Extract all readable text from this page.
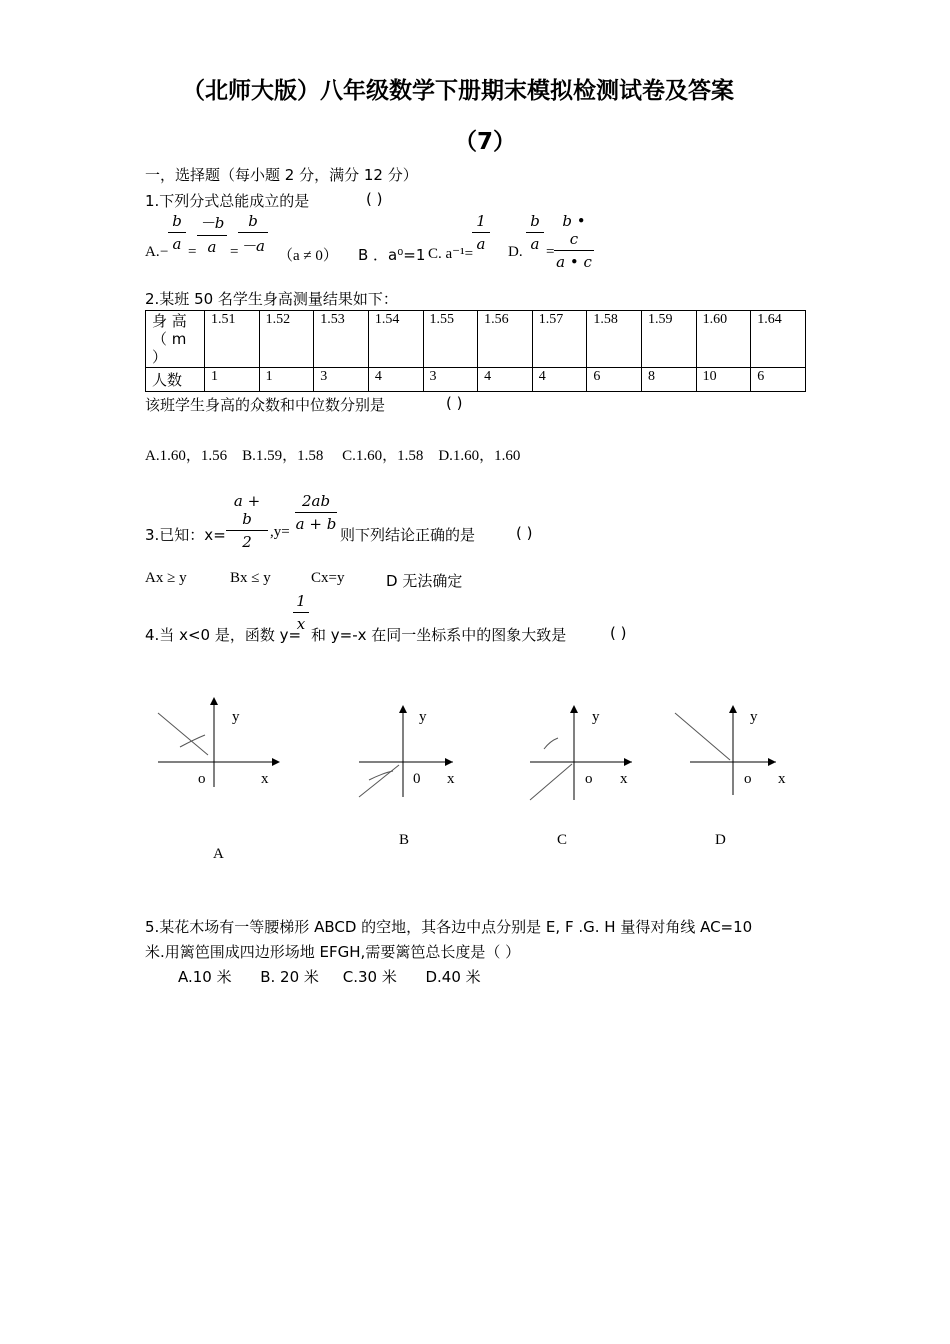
（北师大版）八年级数学下册期末模拟检测试卷及答案
（7）
一，选择题（每小题 2 分，满分 12 分）
1.下列分式总能成立的是	( )
A. − $\frac{b}{a} = \frac{-b}{a} \frac{b}{-a}$
=	（a ≠ 0） B ．a⁰=1 C. a⁻¹=
$\frac{1}{a} D$. $\frac{b}{a} = \frac{b • c}{a • c}$
2.某班 50 名学生身高测量结果如下：
身 高 （ m ）	1.51	1.52	1.53	1.54	1.55	1.56	1.57	1.58	1.59	1.60	1.64
人数	1	1	3	4	3	4	4	6	8	10	6
该班学生身高的众数和中位数分别是	( )
A.1.60，1.56    B.1.59，1.58     C.1.60，1.58    D.1.60，1.60
3.已知：$x= \frac{a + b}{2} ,y= \frac{2ab}{a + b}$
则下列结论正确的是	( )
Ax ≥ y	Bx ≤ y	Cx=y	D 无法确定
4.当 x<0 是，函数 y=
$\frac{1}{x}$
和 y=-x 在同一坐标系中的图象大致是	( )
y
x
o
A
y
x
0
B
y
x
o
C
y
x
o
D
5.某花木场有一等腰梯形 ABCD 的空地，其各边中点分别是 E, F .G. H 量得对角线 AC=10
米.用篱笆围成四边形场地 EFGH,需要篱笆总长度是（ ）
A.10 米      B. 20 米     C.30 米      D.40 米
